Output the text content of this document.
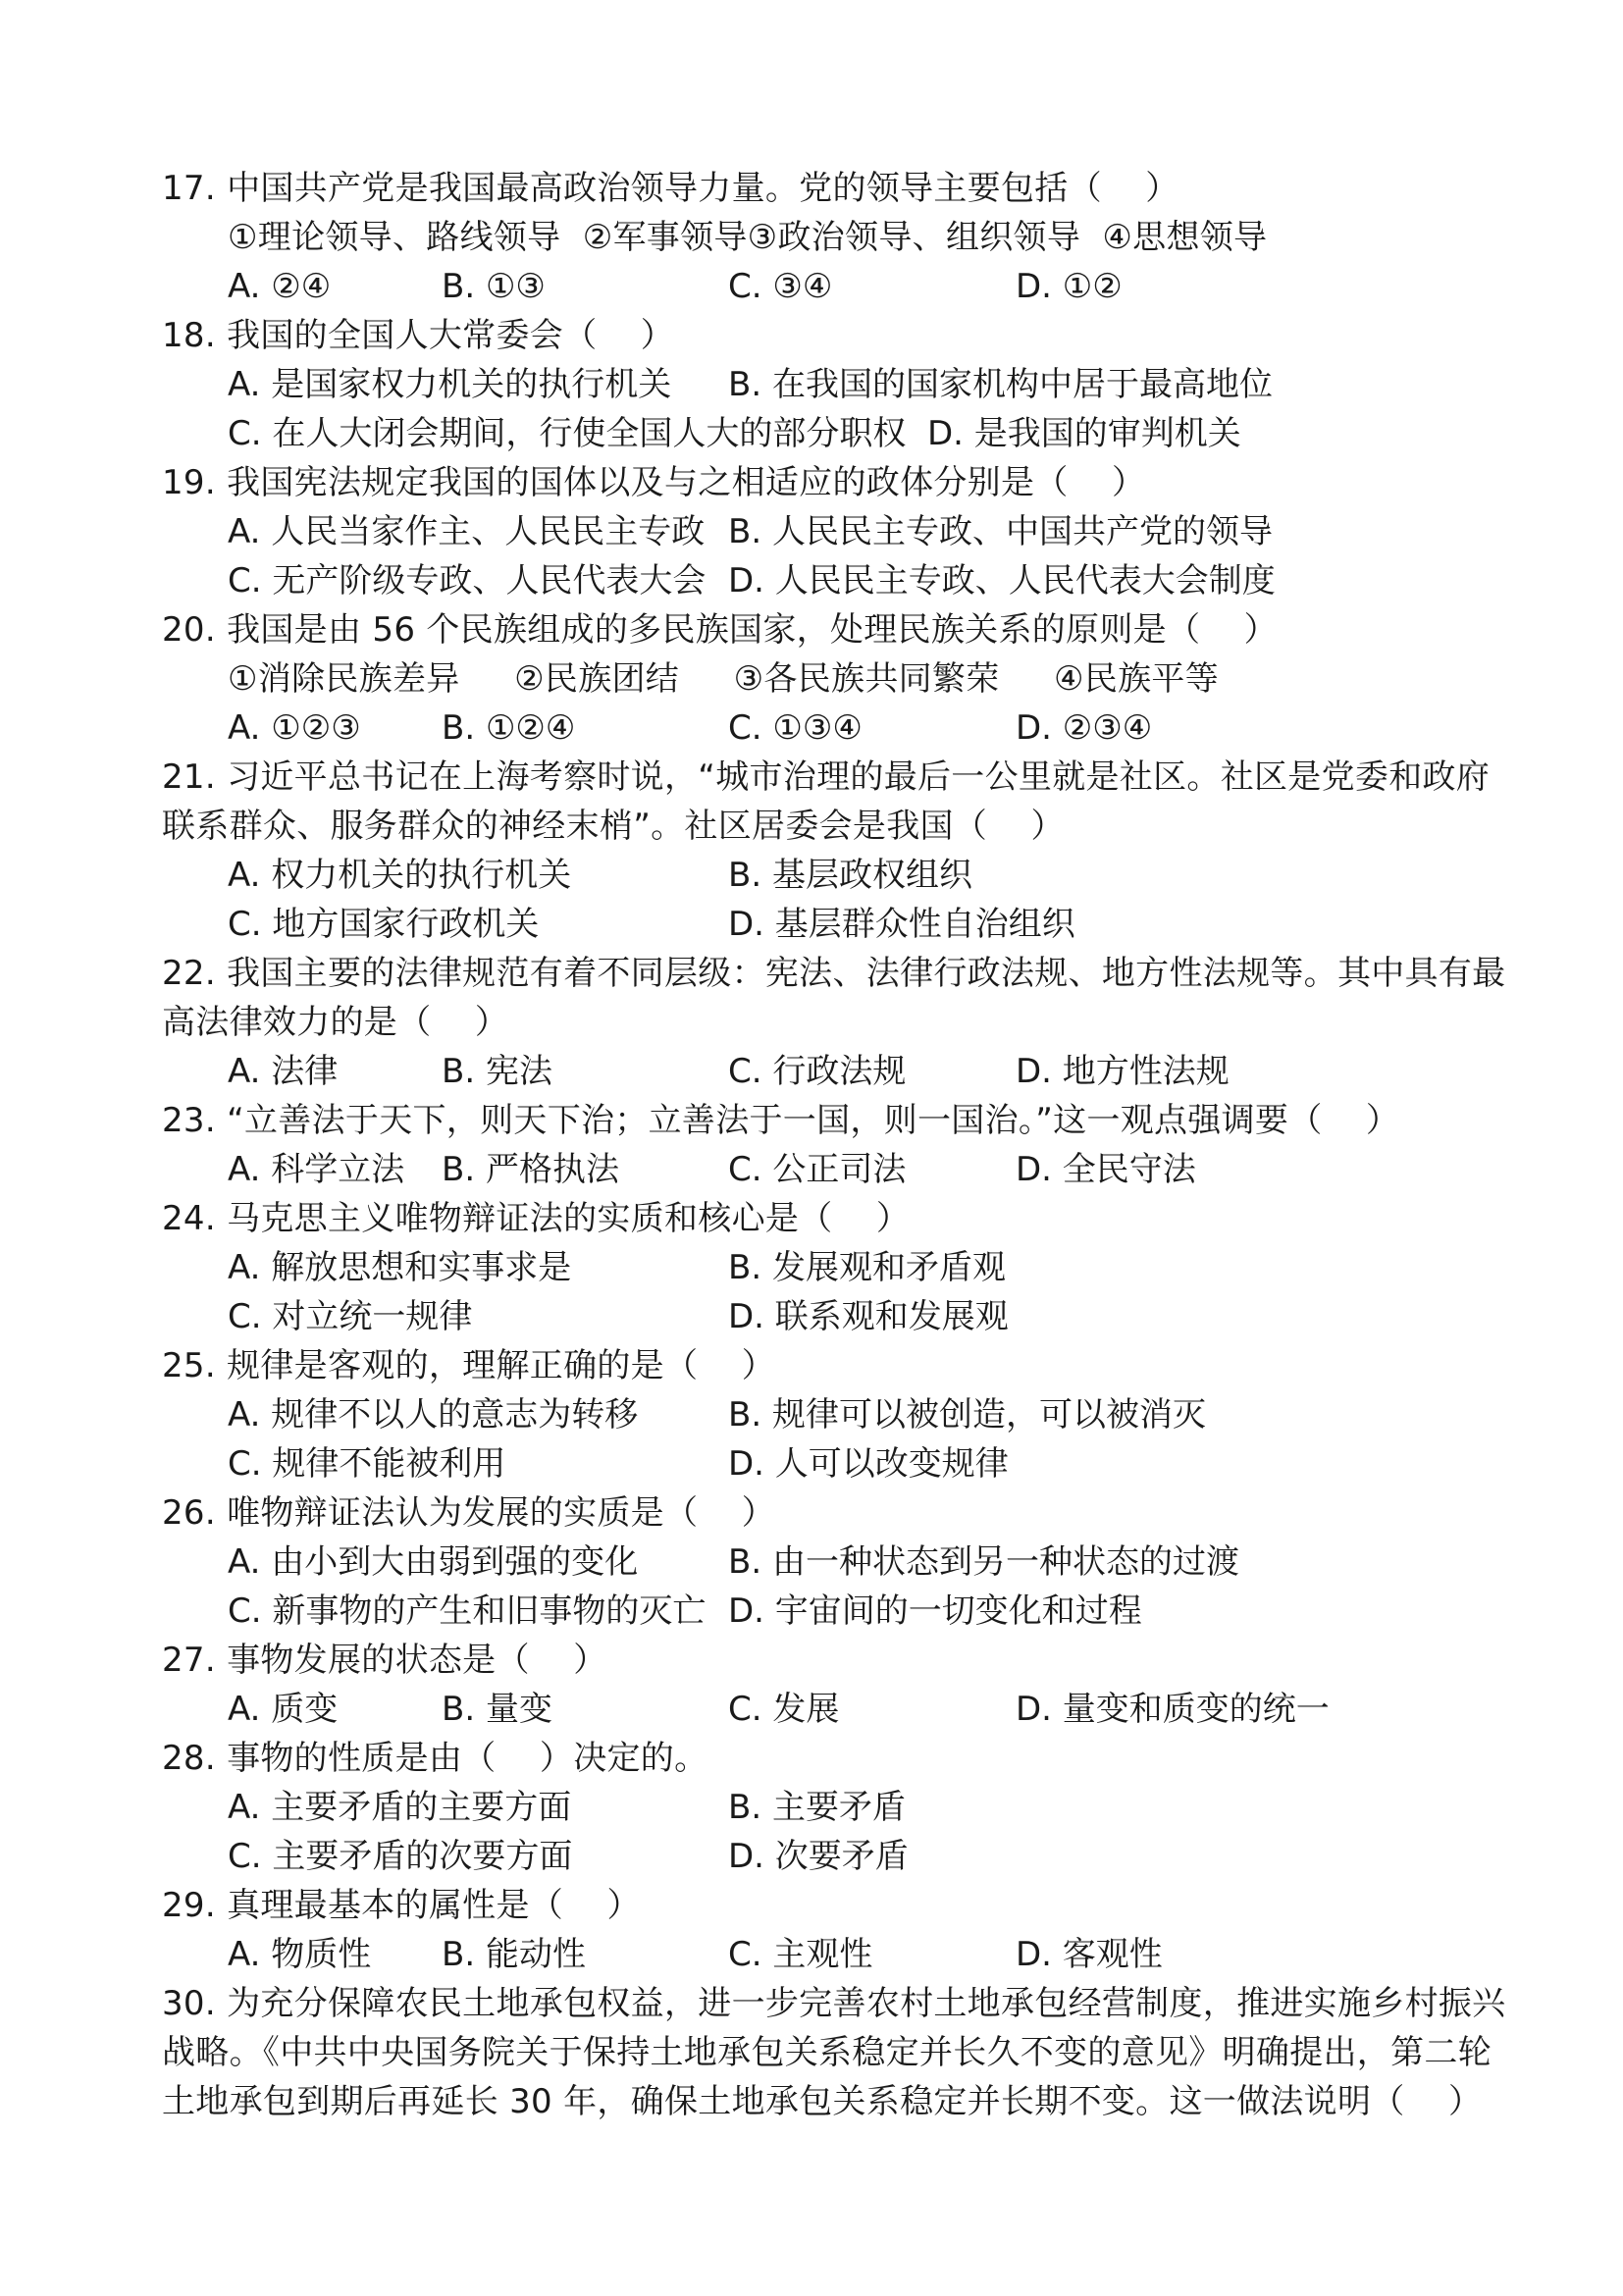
17. 中国共产党是我国最高政治领导力量。党的领导主要包括（    ）
①理论领导、路线领导  ②军事领导③政治领导、组织领导  ④思想领导
A. ②④	B. ①③	C. ③④	D. ①②
18. 我国的全国人大常委会（    ）
A. 是国家权力机关的执行机关 B. 在我国的国家机构中居于最高地位
C. 在人大闭会期间，行使全国人大的部分职权  D. 是我国的审判机关
19. 我国宪法规定我国的国体以及与之相适应的政体分别是（    ）
A. 人民当家作主、人民民主专政 B. 人民民主专政、中国共产党的领导
C. 无产阶级专政、人民代表大会 D. 人民民主专政、人民代表大会制度
20. 我国是由 56 个民族组成的多民族国家，处理民族关系的原则是（    ）
①消除民族差异     ②民族团结     ③各民族共同繁荣     ④民族平等
A. ①②③ B. ①②④	C. ①③④	D. ②③④
21. 习近平总书记在上海考察时说，“城市治理的最后一公里就是社区。社区是党委和政府
联系群众、服务群众的神经末梢”。社区居委会是我国（    ）
A. 权力机关的执行机关	B. 基层政权组织
C. 地方国家行政机关	D. 基层群众性自治组织
22. 我国主要的法律规范有着不同层级：宪法、法律行政法规、地方性法规等。其中具有最
高法律效力的是（    ）
A. 法律	B. 宪法	C. 行政法规	D. 地方性法规
23. “立善法于天下，则天下治；立善法于一国，则一国治。”这一观点强调要（    ）
A. 科学立法 B. 严格执法	C. 公正司法	D. 全民守法
24. 马克思主义唯物辩证法的实质和核心是（    ）
A. 解放思想和实事求是	B. 发展观和矛盾观
C. 对立统一规律	D. 联系观和发展观
25. 规律是客观的，理解正确的是（    ）
A. 规律不以人的意志为转移	B. 规律可以被创造，可以被消灭
C. 规律不能被利用	D. 人可以改变规律
26. 唯物辩证法认为发展的实质是（    ）
A. 由小到大由弱到强的变化	B. 由一种状态到另一种状态的过渡
C. 新事物的产生和旧事物的灭亡 D. 宇宙间的一切变化和过程
27. 事物发展的状态是（    ）
A. 质变	B. 量变	C. 发展	D. 量变和质变的统一
28. 事物的性质是由（    ）决定的。
A. 主要矛盾的主要方面	B. 主要矛盾
C. 主要矛盾的次要方面	D. 次要矛盾
29. 真理最基本的属性是（    ）
A. 物质性 B. 能动性	C. 主观性	D. 客观性
30. 为充分保障农民土地承包权益，进一步完善农村土地承包经营制度，推进实施乡村振兴
战略。《中共中央国务院关于保持土地承包关系稳定并长久不变的意见》明确提出，第二轮
土地承包到期后再延长 30 年，确保土地承包关系稳定并长期不变。这一做法说明（    ）
